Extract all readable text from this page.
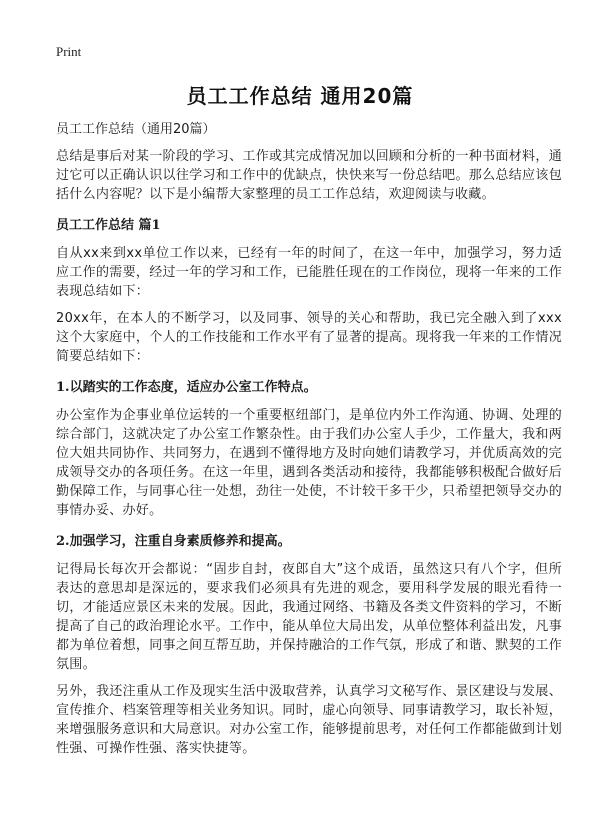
Print
员工工作总结 通用20篇

员工工作总结（通用20篇）

总结是事后对某一阶段的学习、工作或其完成情况加以回顾和分析的一种书面材料，通过它可以正确认识以往学习和工作中的优缺点，快快来写一份总结吧。那么总结应该包括什么内容呢？以下是小编帮大家整理的员工工作总结，欢迎阅读与收藏。

员工工作总结 篇1

自从xx来到xx单位工作以来，已经有一年的时间了，在这一年中，加强学习，努力适应工作的需要，经过一年的学习和工作，已能胜任现在的工作岗位，现将一年来的工作表现总结如下：

20xx年，在本人的不断学习，以及同事、领导的关心和帮助，我已完全融入到了xxx这个大家庭中，个人的工作技能和工作水平有了显著的提高。现将我一年来的工作情况简要总结如下：

1.以踏实的工作态度，适应办公室工作特点。

办公室作为企事业单位运转的一个重要枢纽部门，是单位内外工作沟通、协调、处理的综合部门，这就决定了办公室工作繁杂性。由于我们办公室人手少，工作量大，我和两位大姐共同协作、共同努力，在遇到不懂得地方及时向她们请教学习，并优质高效的完成领导交办的各项任务。在这一年里，遇到各类活动和接待，我都能够积极配合做好后勤保障工作，与同事心往一处想，劲往一处使，不计较干多干少，只希望把领导交办的事情办妥、办好。

2.加强学习，注重自身素质修养和提高。

记得局长每次开会都说：“固步自封，夜郎自大”这个成语，虽然这只有八个字，但所表达的意思却是深远的，要求我们必须具有先进的观念，要用科学发展的眼光看待一切，才能适应景区未来的发展。因此，我通过网络、书籍及各类文件资料的学习，不断提高了自己的政治理论水平。工作中，能从单位大局出发，从单位整体利益出发，凡事都为单位着想，同事之间互帮互助，并保持融洽的工作气氛，形成了和谐、默契的工作氛围。

另外，我还注重从工作及现实生活中汲取营养，认真学习文秘写作、景区建设与发展、宣传推介、档案管理等相关业务知识。同时，虚心向领导、同事请教学习，取长补短，来增强服务意识和大局意识。对办公室工作，能够提前思考，对任何工作都能做到计划性强、可操作性强、落实快捷等。
